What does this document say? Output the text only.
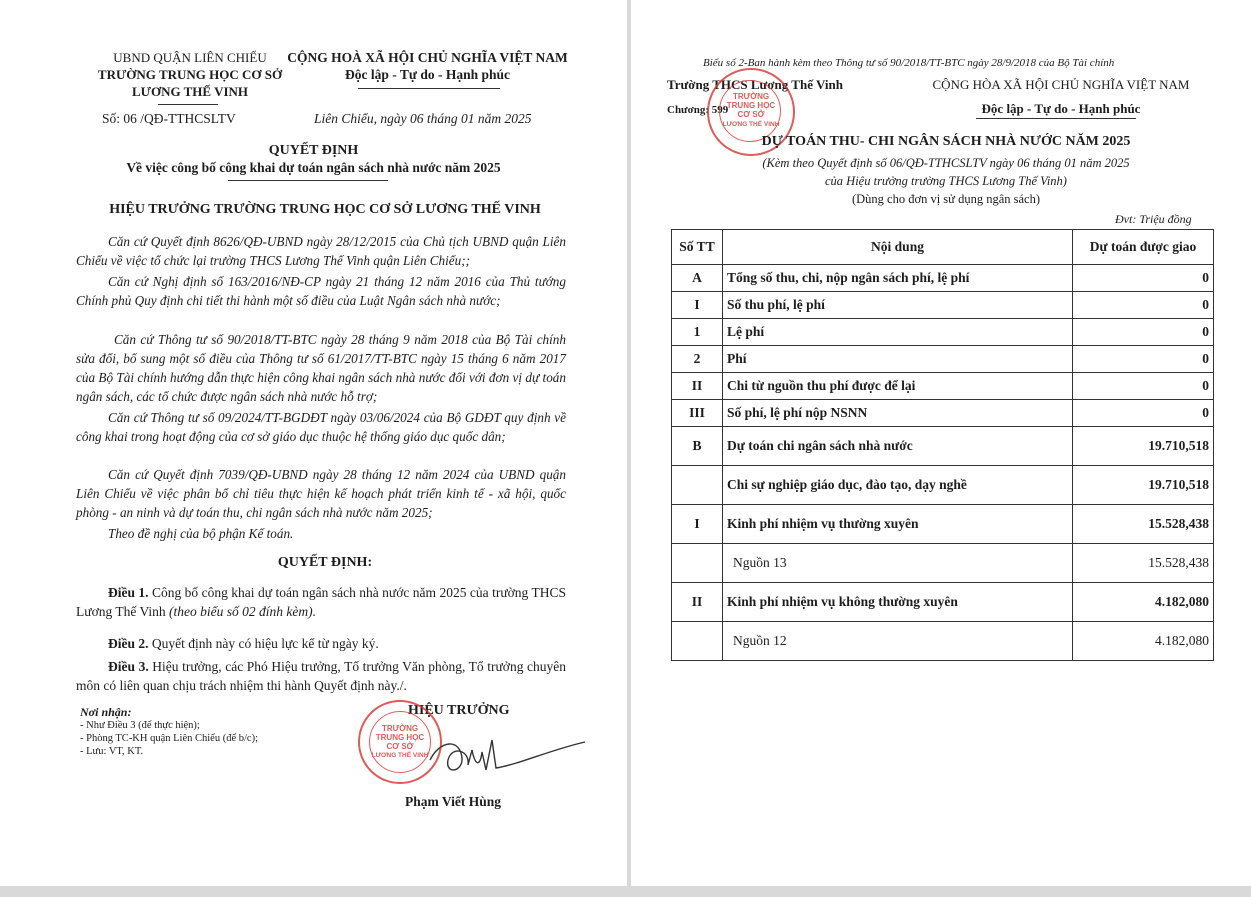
UBND QUẬN LIÊN CHIỂU
TRƯỜNG TRUNG HỌC CƠ SỞ
LƯƠNG THẾ VINH
CỘNG HOÀ XÃ HỘI CHỦ NGHĨA VIỆT NAM
Độc lập - Tự do - Hạnh phúc
Số: 06 /QĐ-TTHCSLTV	Liên Chiểu, ngày 06 tháng 01 năm 2025
QUYẾT ĐỊNH
Về việc công bố công khai dự toán ngân sách nhà nước năm 2025
HIỆU TRƯỞNG TRƯỜNG TRUNG HỌC CƠ SỞ LƯƠNG THẾ VINH
Căn cứ Quyết định 8626/QĐ-UBND ngày 28/12/2015 của Chủ tịch UBND quận Liên Chiểu về việc tổ chức lại trường THCS Lương Thế Vinh quận Liên Chiểu;;
Căn cứ Nghị định số 163/2016/NĐ-CP ngày 21 tháng 12 năm 2016 của Thủ tướng Chính phủ Quy định chi tiết thi hành một số điều của Luật Ngân sách nhà nước;
Căn cứ Thông tư số 90/2018/TT-BTC ngày 28 tháng 9 năm 2018 của Bộ Tài chính sửa đổi, bổ sung một số điều của Thông tư số 61/2017/TT-BTC ngày 15 tháng 6 năm 2017 của Bộ Tài chính hướng dẫn thực hiện công khai ngân sách nhà nước đối với đơn vị dự toán ngân sách, các tổ chức được ngân sách nhà nước hỗ trợ;
Căn cứ Thông tư số 09/2024/TT-BGDĐT ngày 03/06/2024 của Bộ GDĐT quy định về công khai trong hoạt động của cơ sở giáo dục thuộc hệ thống giáo dục quốc dân;
Căn cứ Quyết định 7039/QĐ-UBND ngày 28 tháng 12 năm 2024 của UBND quận Liên Chiểu về việc phân bổ chỉ tiêu thực hiện kế hoạch phát triển kinh tế - xã hội, quốc phòng - an ninh và dự toán thu, chi ngân sách nhà nước năm 2025;
Theo đề nghị của bộ phận Kế toán.
QUYẾT ĐỊNH:
Điều 1. Công bố công khai dự toán ngân sách nhà nước năm 2025 của trường THCS Lương Thế Vinh (theo biểu số 02 đính kèm).
Điều 2. Quyết định này có hiệu lực kể từ ngày ký.
Điều 3. Hiệu trưởng, các Phó Hiệu trưởng, Tổ trưởng Văn phòng, Tổ trưởng chuyên môn có liên quan chịu trách nhiệm thi hành Quyết định này./.
Nơi nhận:
- Như Điều 3 (để thực hiện);
- Phòng TC-KH quận Liên Chiểu (để b/c);
- Lưu: VT, KT.
HIỆU TRƯỞNG
TRƯỜNG
TRUNG HỌC
CƠ SỞ
LƯƠNG THẾ VINH
Phạm Viết Hùng
Biểu số 2-Ban hành kèm theo Thông tư số 90/2018/TT-BTC ngày 28/9/2018 của Bộ Tài chính
Trường THCS Lương Thế Vinh
Chương: 599
CỘNG HÒA XÃ HỘI CHỦ NGHĨA VIỆT NAM
Độc lập - Tự do - Hạnh phúc
TRƯỜNG
TRUNG HỌC
CƠ SỞ
LƯƠNG THẾ VINH
DỰ TOÁN THU- CHI NGÂN SÁCH NHÀ NƯỚC NĂM 2025
(Kèm theo Quyết định số 06/QĐ-TTHCSLTV ngày 06 tháng 01 năm 2025
của Hiệu trưởng trường THCS Lương Thế Vinh)
(Dùng cho đơn vị sử dụng ngân sách)
Đvt: Triệu đồng
Số TT	Nội dung	Dự toán được giao
A	Tổng số thu, chi, nộp ngân sách phí, lệ phí	0
I	Số thu phí, lệ phí	0
1	Lệ phí	0
2	Phí	0
II	Chi từ nguồn thu phí được để lại	0
III	Số phí, lệ phí nộp NSNN	0
B	Dự toán chi ngân sách nhà nước	19.710,518
	Chi sự nghiệp giáo dục, đào tạo, dạy nghề	19.710,518
I	Kinh phí nhiệm vụ thường xuyên	15.528,438
	Nguồn 13	15.528,438
II	Kinh phí nhiệm vụ không thường xuyên	4.182,080
	Nguồn 12	4.182,080
